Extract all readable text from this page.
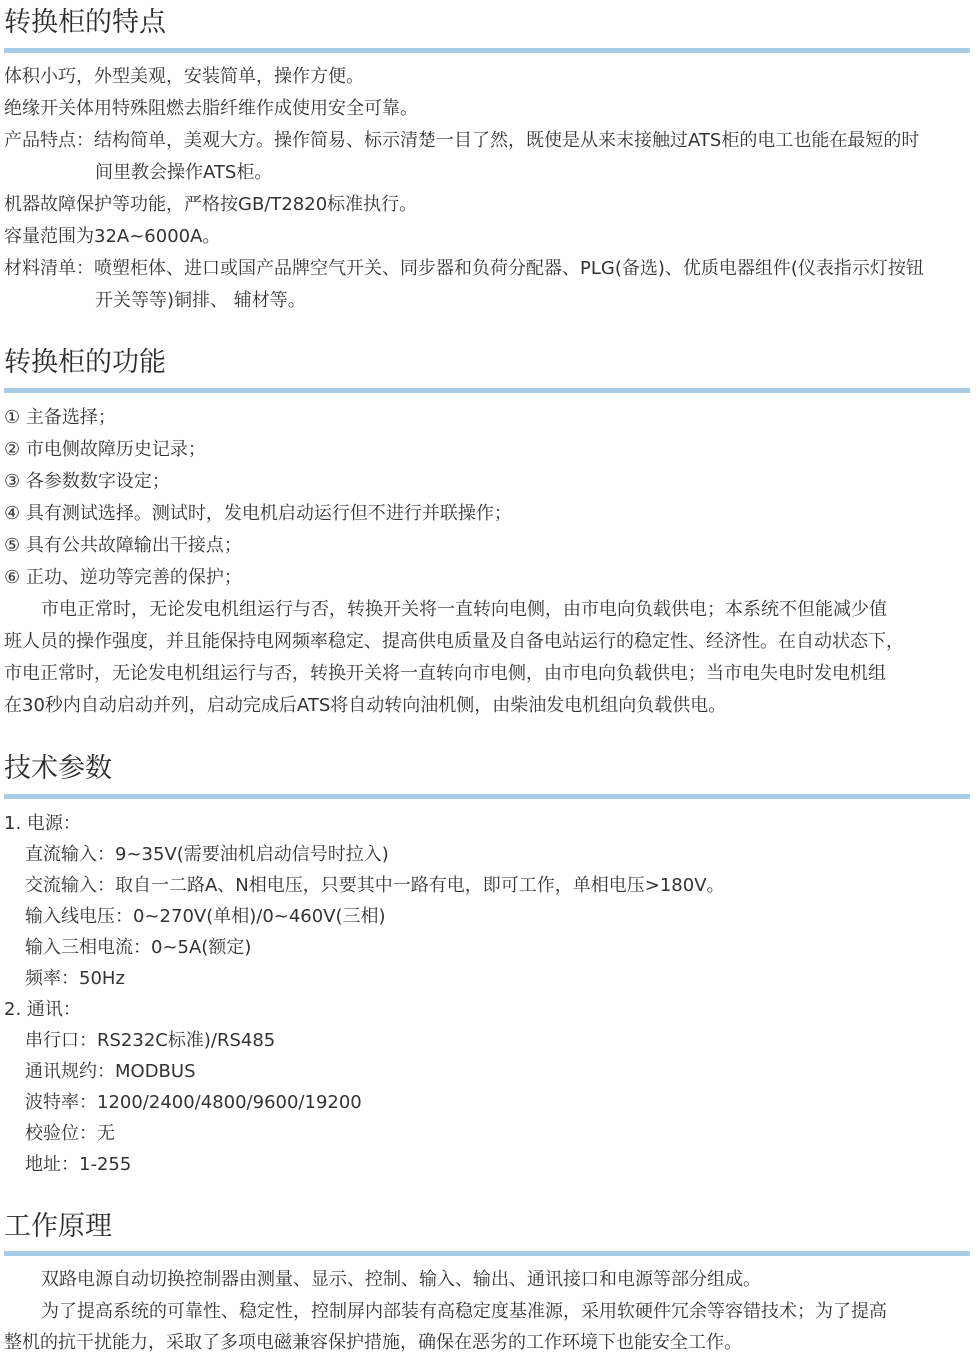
转换柜的特点
体积小巧，外型美观，安装简单，操作方便。
绝缘开关体用特殊阻燃去脂纤维作成使用安全可靠。
产品特点：结构简单，美观大方。操作简易、标示清楚一目了然，既使是从来末接触过ATS柜的电工也能在最短的时
间里教会操作ATS柜。
机器故障保护等功能，严格按GB/T2820标准执行。
容量范围为32A~6000A。
材料清单：喷塑柜体、进口或国产品牌空气开关、同步器和负荷分配器、PLG(备选)、优质电器组件(仪表指示灯按钮
开关等等)铜排、 辅材等。
转换柜的功能
① 主备选择；
② 市电侧故障历史记录；
③ 各参数数字设定；
④ 具有测试选择。测试时，发电机启动运行但不进行并联操作；
⑤ 具有公共故障输出干接点；
⑥ 正功、逆功等完善的保护；
市电正常时，无论发电机组运行与否，转换开关将一直转向电侧，由市电向负载供电；本系统不但能减少值
班人员的操作强度，并且能保持电网频率稳定、提高供电质量及自备电站运行的稳定性、经济性。在自动状态下，
市电正常时，无论发电机组运行与否，转换开关将一直转向市电侧，由市电向负载供电；当市电失电时发电机组
在30秒内自动启动并列，启动完成后ATS将自动转向油机侧，由柴油发电机组向负载供电。
技术参数
1. 电源：
直流输入：9~35V(需要油机启动信号时拉入)
交流输入：取自一二路A、N相电压，只要其中一路有电，即可工作，单相电压>180V。
输入线电压：0~270V(单相)/0~460V(三相)
输入三相电流：0~5A(额定)
频率：50Hz
2. 通讯：
串行口：RS232C标准)/RS485
通讯规约：MODBUS
波特率：1200/2400/4800/9600/19200
校验位：无
地址：1-255
工作原理
双路电源自动切换控制器由测量、显示、控制、输入、输出、通讯接口和电源等部分组成。
为了提高系统的可靠性、稳定性，控制屏内部装有高稳定度基准源，采用软硬件冗余等容错技术；为了提高
整机的抗干扰能力，采取了多项电磁兼容保护措施，确保在恶劣的工作环境下也能安全工作。
